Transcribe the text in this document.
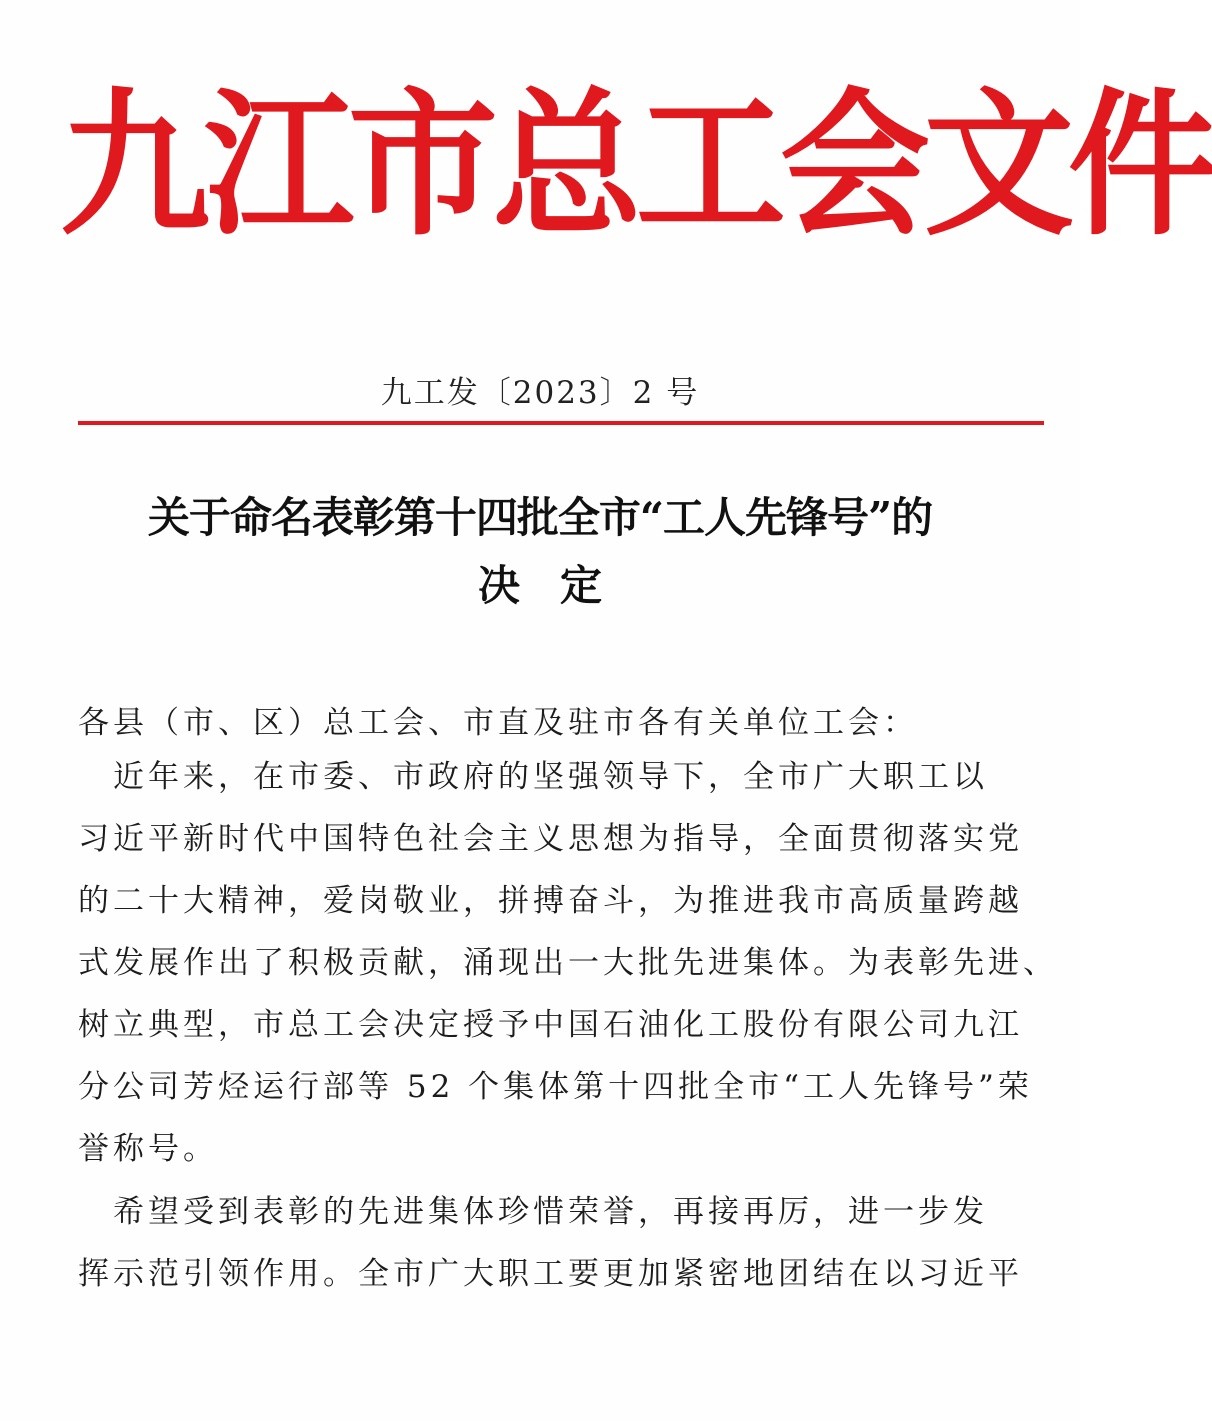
九江市总工会文件
九工发〔2023〕2 号
关于命名表彰第十四批全市“工人先锋号”的
决定
各县（市、区）总工会、市直及驻市各有关单位工会：
　近年来，在市委、市政府的坚强领导下，全市广大职工以
习近平新时代中国特色社会主义思想为指导，全面贯彻落实党
的二十大精神，爱岗敬业，拼搏奋斗，为推进我市高质量跨越
式发展作出了积极贡献，涌现出一大批先进集体。为表彰先进、
树立典型，市总工会决定授予中国石油化工股份有限公司九江
分公司芳烃运行部等 52 个集体第十四批全市“工人先锋号”荣
誉称号。
　希望受到表彰的先进集体珍惜荣誉，再接再厉，进一步发
挥示范引领作用。全市广大职工要更加紧密地团结在以习近平
